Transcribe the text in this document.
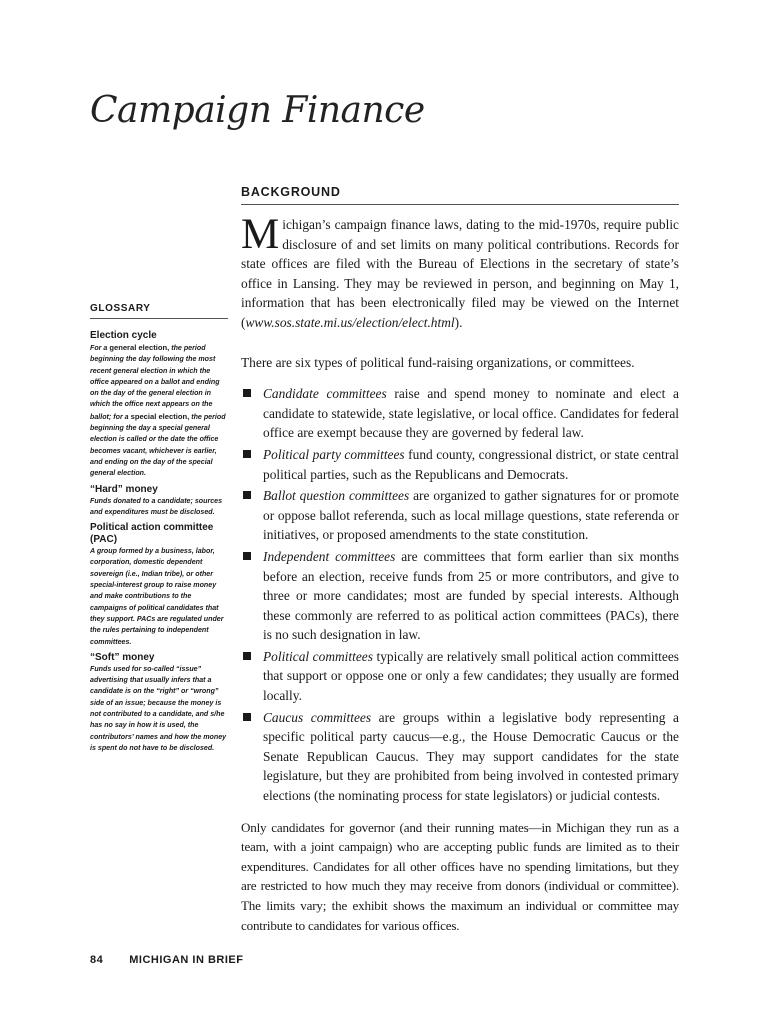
Campaign Finance

GLOSSARY

Election cycle

For a general election, the period beginning the day following the most recent general election in which the office appeared on a ballot and ending on the day of the general election in which the office next appears on the ballot; for a special election, the period beginning the day a special general election is called or the date the office becomes vacant, whichever is earlier, and ending on the day of the special general election.

“Hard” money

Funds donated to a candidate; sources and expenditures must be disclosed.

Political action committee (PAC)

A group formed by a business, labor, corporation, domestic dependent sovereign (i.e., Indian tribe), or other special-interest group to raise money and make contributions to the campaigns of political candidates that they support. PACs are regulated under the rules pertaining to independent committees.

“Soft” money

Funds used for so-called “issue” advertising that usually infers that a candidate is on the “right” or “wrong” side of an issue; because the money is not contributed to a candidate, and s/he has no say in how it is used, the contributors’ names and how the money is spent do not have to be disclosed.

BACKGROUND

Michigan’s campaign finance laws, dating to the mid-1970s, require public disclosure of and set limits on many political contributions. Records for state offices are filed with the Bureau of Elections in the secretary of state’s office in Lansing. They may be reviewed in person, and beginning on May 1, information that has been electronically filed may be viewed on the Internet (www.sos.state.mi.us/election/elect.html).

There are six types of political fund-raising organizations, or committees.

Candidate committees raise and spend money to nominate and elect a candidate to statewide, state legislative, or local office. Candidates for federal office are exempt because they are governed by federal law.
Political party committees fund county, congressional district, or state central political parties, such as the Republicans and Democrats.
Ballot question committees are organized to gather signatures for or promote or oppose ballot referenda, such as local millage questions, state referenda or initiatives, or proposed amendments to the state constitution.
Independent committees are committees that form earlier than six months before an election, receive funds from 25 or more contributors, and give to three or more candidates; most are funded by special interests. Although these commonly are referred to as political action committees (PACs), there is no such designation in law.
Political committees typically are relatively small political action committees that support or oppose one or only a few candidates; they usually are formed locally.
Caucus committees are groups within a legislative body representing a specific political party caucus—e.g., the House Democratic Caucus or the Senate Republican Caucus. They may support candidates for the state legislature, but they are prohibited from being involved in contested primary elections (the nominating process for state legislators) or judicial contests.

Only candidates for governor (and their running mates—in Michigan they run as a team, with a joint campaign) who are accepting public funds are limited as to their expenditures. Candidates for all other offices have no spending limitations, but they are restricted to how much they may receive from donors (individual or committee). The limits vary; the exhibit shows the maximum an individual or committee may contribute to candidates for various offices.

84 MICHIGAN IN BRIEF
